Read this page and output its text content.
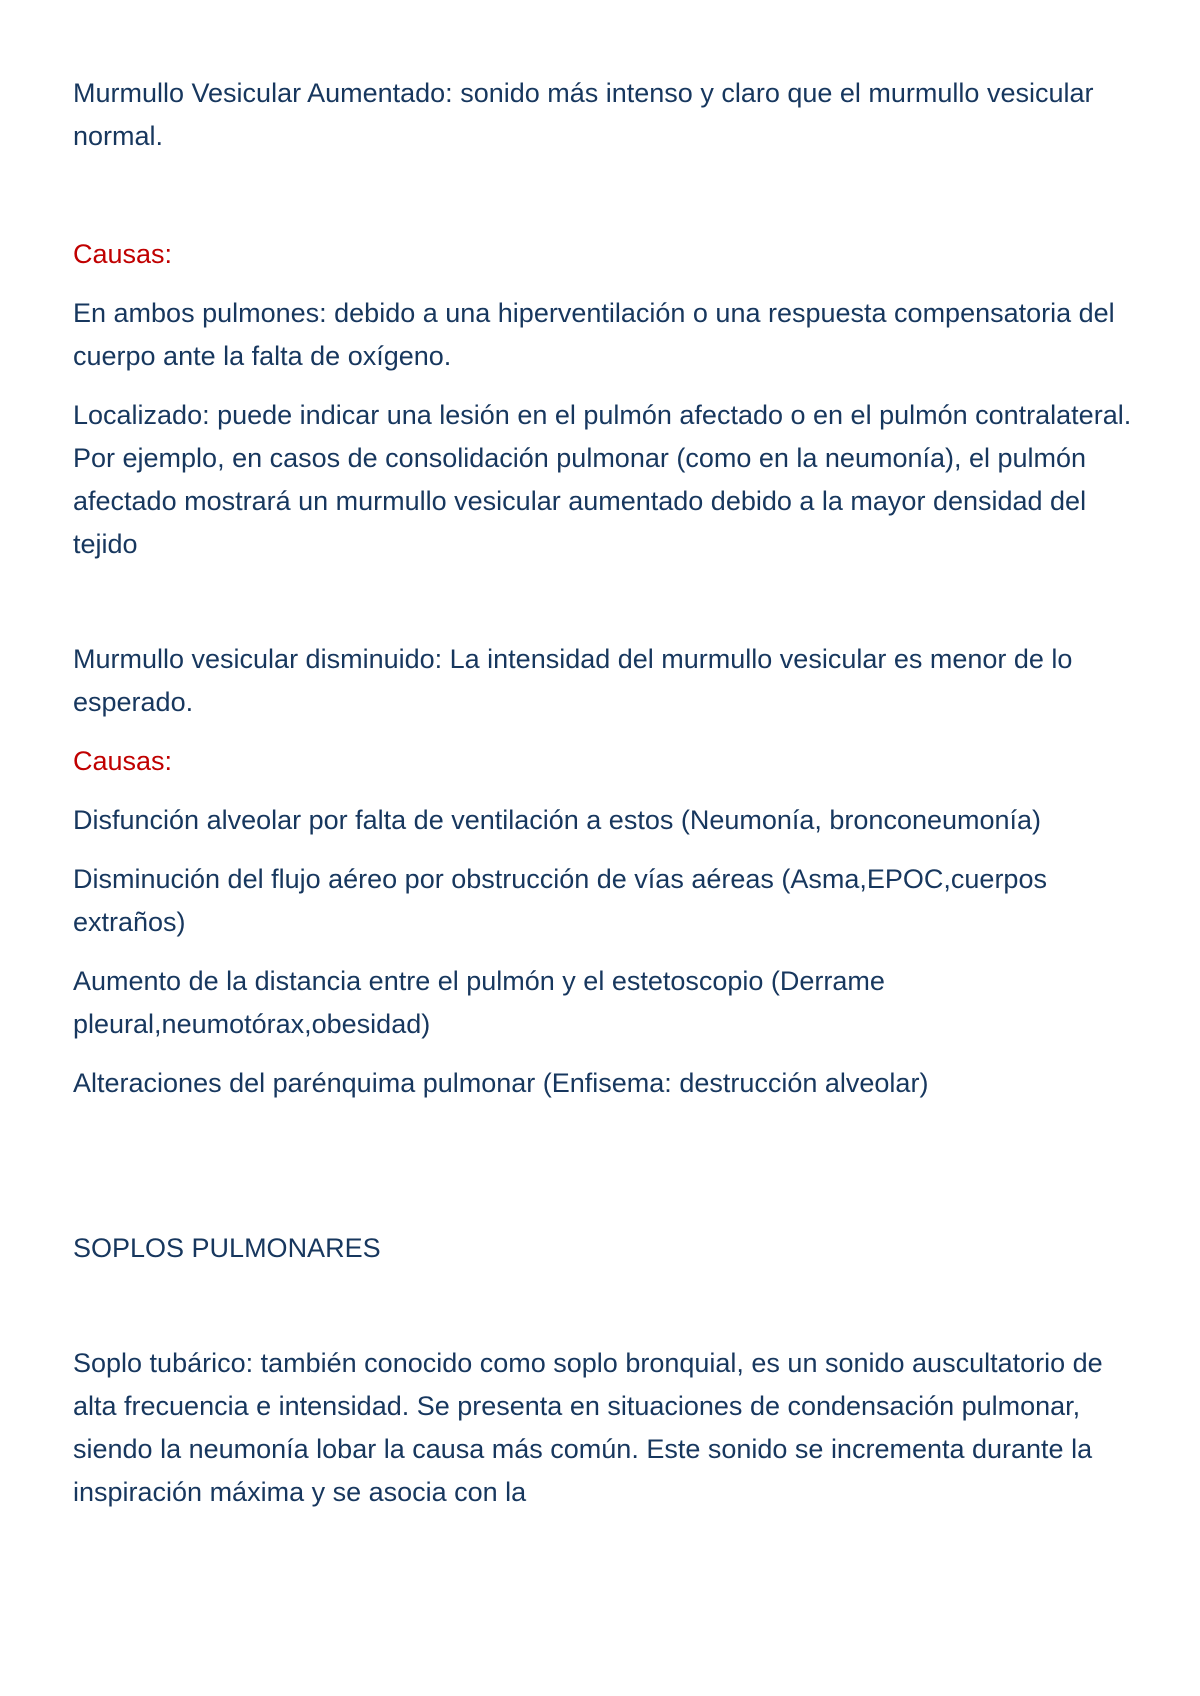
Murmullo Vesicular Aumentado: sonido más intenso y claro que el murmullo vesicular normal.

Causas:

En ambos pulmones: debido a una hiperventilación o una respuesta compensatoria del cuerpo ante la falta de oxígeno.

Localizado: puede indicar una lesión en el pulmón afectado o en el pulmón contralateral. Por ejemplo, en casos de consolidación pulmonar (como en la neumonía), el pulmón afectado mostrará un murmullo vesicular aumentado debido a la mayor densidad del tejido

Murmullo vesicular disminuido: La intensidad del murmullo vesicular es menor de lo esperado.

Causas:

Disfunción alveolar por falta de ventilación a estos (Neumonía, bronconeumonía)

Disminución del flujo aéreo por obstrucción de vías aéreas (Asma,EPOC,cuerpos extraños)

Aumento de la distancia entre el pulmón y el estetoscopio (Derrame pleural,neumotórax,obesidad)

Alteraciones del parénquima pulmonar (Enfisema: destrucción alveolar)

SOPLOS PULMONARES

Soplo tubárico: también conocido como soplo bronquial, es un sonido auscultatorio de alta frecuencia e intensidad. Se presenta en situaciones de condensación pulmonar, siendo la neumonía lobar la causa más común. Este sonido se incrementa durante la inspiración máxima y se asocia con la
